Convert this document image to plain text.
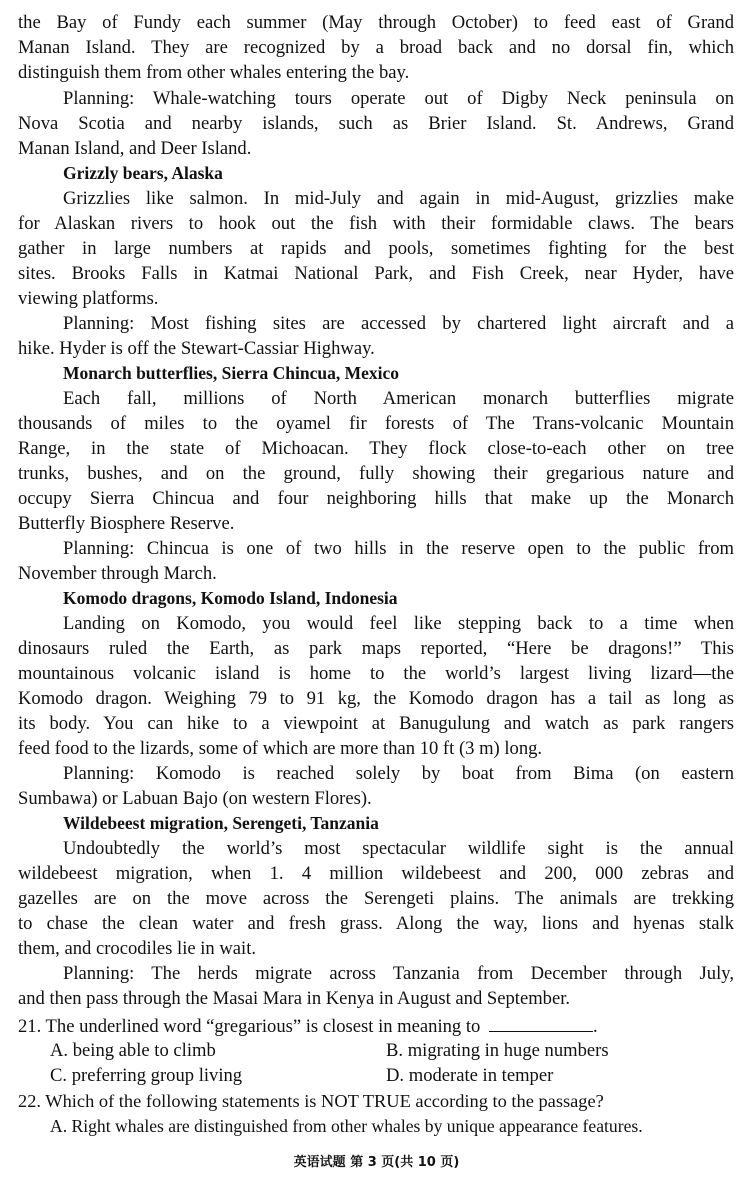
the Bay of Fundy each summer (May through October) to feed east of Grand
Manan Island. They are recognized by a broad back and no dorsal fin, which
distinguish them from other whales entering the bay.
Planning: Whale-watching tours operate out of Digby Neck peninsula on
Nova Scotia and nearby islands, such as Brier Island. St. Andrews, Grand
Manan Island, and Deer Island.
Grizzly bears, Alaska
Grizzlies like salmon. In mid-July and again in mid-August, grizzlies make
for Alaskan rivers to hook out the fish with their formidable claws. The bears
gather in large numbers at rapids and pools, sometimes fighting for the best
sites. Brooks Falls in Katmai National Park, and Fish Creek, near Hyder, have
viewing platforms.
Planning: Most fishing sites are accessed by chartered light aircraft and a
hike. Hyder is off the Stewart-Cassiar Highway.
Monarch butterflies, Sierra Chincua, Mexico
Each fall, millions of North American monarch butterflies migrate
thousands of miles to the oyamel fir forests of The Trans-volcanic Mountain
Range, in the state of Michoacan. They flock close-to-each other on tree
trunks, bushes, and on the ground, fully showing their gregarious nature and
occupy Sierra Chincua and four neighboring hills that make up the Monarch
Butterfly Biosphere Reserve.
Planning: Chincua is one of two hills in the reserve open to the public from
November through March.
Komodo dragons, Komodo Island, Indonesia
Landing on Komodo, you would feel like stepping back to a time when
dinosaurs ruled the Earth, as park maps reported, “Here be dragons!” This
mountainous volcanic island is home to the world’s largest living lizard—the
Komodo dragon. Weighing 79 to 91 kg, the Komodo dragon has a tail as long as
its body. You can hike to a viewpoint at Banugulung and watch as park rangers
feed food to the lizards, some of which are more than 10 ft (3 m) long.
Planning: Komodo is reached solely by boat from Bima (on eastern
Sumbawa) or Labuan Bajo (on western Flores).
Wildebeest migration, Serengeti, Tanzania
Undoubtedly the world’s most spectacular wildlife sight is the annual
wildebeest migration, when 1. 4 million wildebeest and 200, 000 zebras and
gazelles are on the move across the Serengeti plains. The animals are trekking
to chase the clean water and fresh grass. Along the way, lions and hyenas stalk
them, and crocodiles lie in wait.
Planning: The herds migrate across Tanzania from December through July,
and then pass through the Masai Mara in Kenya in August and September.
21. The underlined word “gregarious” is closest in meaning to	.
A. being able to climb	B. migrating in huge numbers
C. preferring group living	D. moderate in temper
22. Which of the following statements is NOT TRUE according to the passage?
A. Right whales are distinguished from other whales by unique appearance features.
英语试题 第 3 页(共 10 页)
